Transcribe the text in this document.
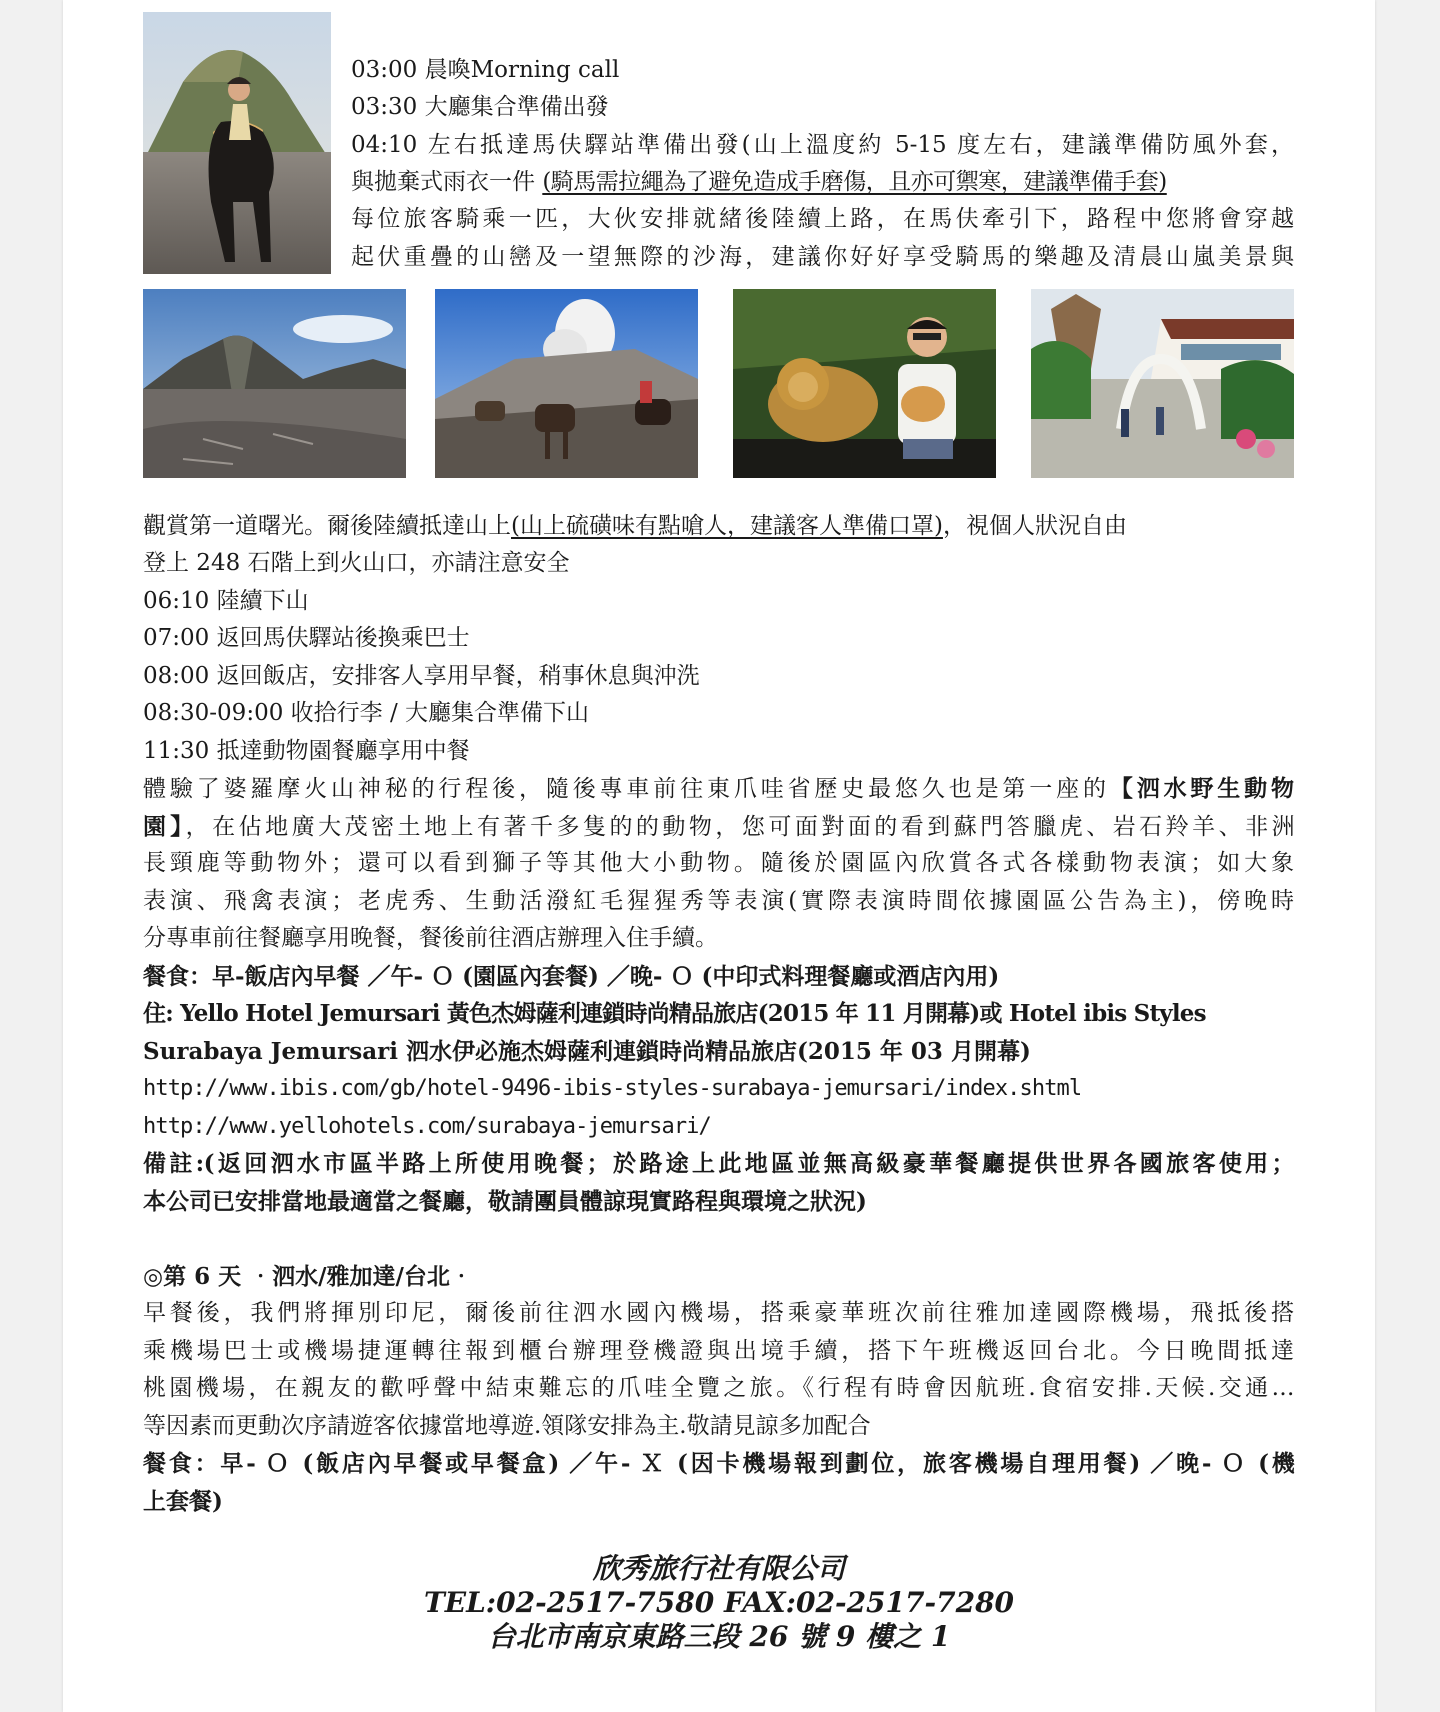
03:00 晨喚Morning call
03:30 大廳集合準備出發
04:10 左右抵達馬伕驛站準備出發(山上溫度約 5-15 度左右，建議準備防風外套，
與拋棄式雨衣一件 (騎馬需拉繩為了避免造成手磨傷，且亦可禦寒，建議準備手套)
每位旅客騎乘一匹，大伙安排就緒後陸續上路，在馬伕牽引下，路程中您將會穿越
起伏重疊的山巒及一望無際的沙海，建議你好好享受騎馬的樂趣及清晨山嵐美景與
觀賞第一道曙光。爾後陸續抵達山上(山上硫磺味有點嗆人，建議客人準備口罩)，視個人狀況自由
登上 248 石階上到火山口，亦請注意安全
06:10 陸續下山
07:00 返回馬伕驛站後換乘巴士
08:00 返回飯店，安排客人享用早餐，稍事休息與沖洗
08:30-09:00 收拾行李 / 大廳集合準備下山
11:30 抵達動物園餐廳享用中餐
體驗了婆羅摩火山神秘的行程後，隨後專車前往東爪哇省歷史最悠久也是第一座的【泗水野生動物
園】，在佔地廣大茂密土地上有著千多隻的的動物，您可面對面的看到蘇門答臘虎、岩石羚羊、非洲
長頸鹿等動物外；還可以看到獅子等其他大小動物。隨後於園區內欣賞各式各樣動物表演；如大象
表演、飛禽表演；老虎秀、生動活潑紅毛猩猩秀等表演(實際表演時間依據園區公告為主)，傍晚時
分專車前往餐廳享用晚餐，餐後前往酒店辦理入住手續。
餐食：早-飯店內早餐 ／午- Ｏ (園區內套餐) ／晚- Ｏ (中印式料理餐廳或酒店內用)
住: Yello Hotel Jemursari 黃色杰姆薩利連鎖時尚精品旅店(2015 年 11 月開幕)或 Hotel ibis Styles
Surabaya Jemursari 泗水伊必施杰姆薩利連鎖時尚精品旅店(2015 年 03 月開幕)
http://www.ibis.com/gb/hotel-9496-ibis-styles-surabaya-jemursari/index.shtml
http://www.yellohotels.com/surabaya-jemursari/
備註:(返回泗水市區半路上所使用晚餐；於路途上此地區並無高級豪華餐廳提供世界各國旅客使用；
本公司已安排當地最適當之餐廳，敬請團員體諒現實路程與環境之狀況)
◎第 6 天 ‧泗水/雅加達/台北‧
早餐後，我們將揮別印尼，爾後前往泗水國內機場，搭乘豪華班次前往雅加達國際機場，飛抵後搭
乘機場巴士或機場捷運轉往報到櫃台辦理登機證與出境手續，搭下午班機返回台北。今日晚間抵達
桃園機場，在親友的歡呼聲中結束難忘的爪哇全覽之旅。《行程有時會因航班.食宿安排.天候.交通…
等因素而更動次序請遊客依據當地導遊.領隊安排為主.敬請見諒多加配合
餐食：早- Ｏ (飯店內早餐或早餐盒) ／午- Ｘ (因卡機場報到劃位，旅客機場自理用餐) ／晚- Ｏ (機
上套餐)
欣秀旅行社有限公司
TEL:02-2517-7580 FAX:02-2517-7280
台北市南京東路三段 26 號 9 樓之 1
